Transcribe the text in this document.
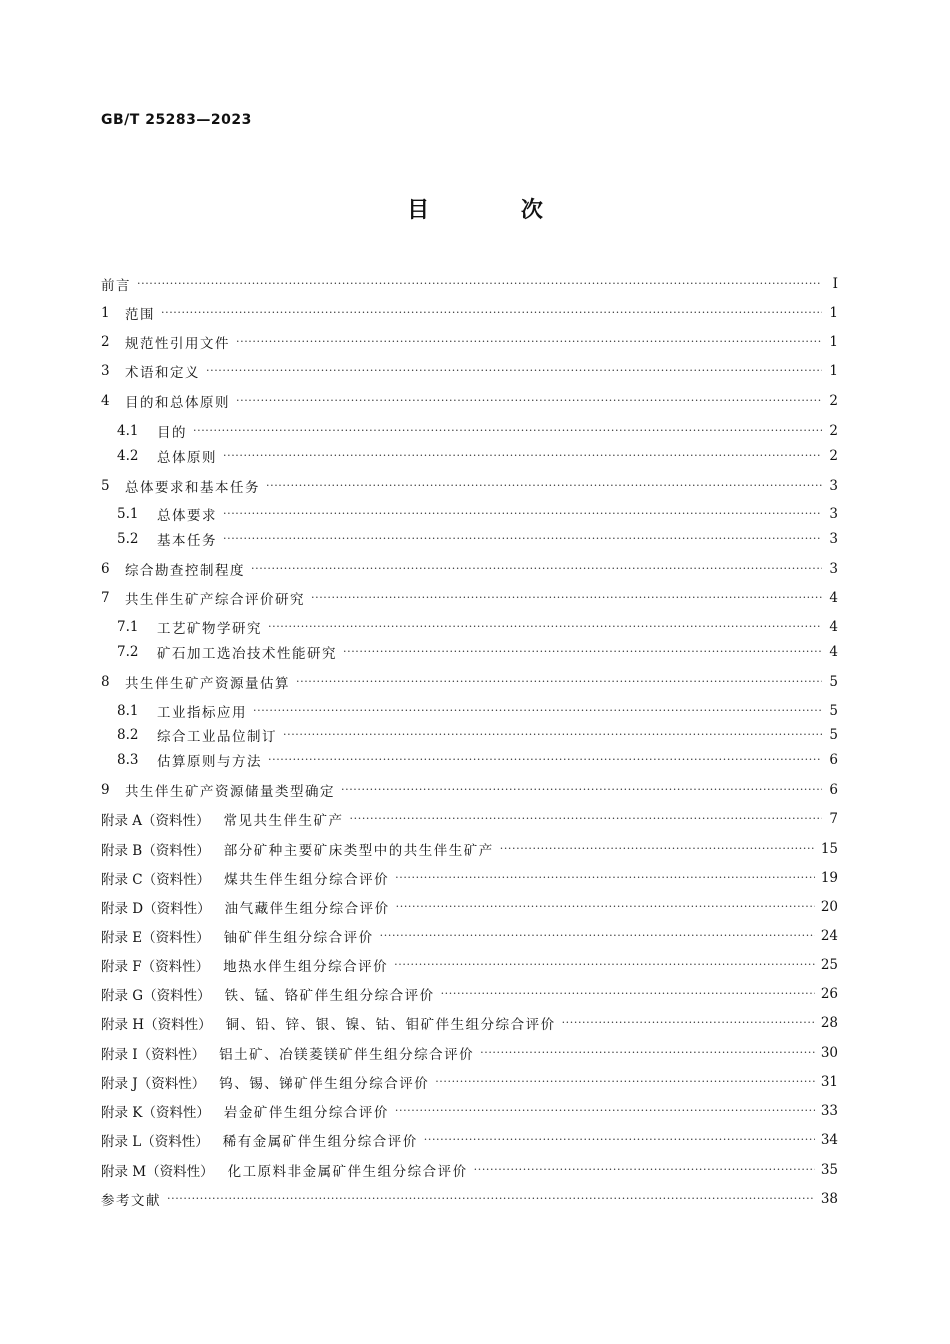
GB/T 25283—2023
目 次
前言 ·····	Ⅰ
1	范围 ·····	1
2	规范性引用文件 ·····	1
3	术语和定义 ·····	1
4	目的和总体原则 ·····	2
4.1	目的 ·····	2
4.2	总体原则 ·····	2
5	总体要求和基本任务 ·····	3
5.1	总体要求 ·····	3
5.2	基本任务 ·····	3
6	综合勘查控制程度 ·····	3
7	共生伴生矿产综合评价研究 ·····	4
7.1	工艺矿物学研究 ·····	4
7.2	矿石加工选冶技术性能研究 ·····	4
8	共生伴生矿产资源量估算 ·····	5
8.1	工业指标应用 ·····	5
8.2	综合工业品位制订 ·····	5
8.3	估算原则与方法 ·····	6
9	共生伴生矿产资源储量类型确定 ·····	6
附录 A（资料性） 常见共生伴生矿产 ·····	7
附录 B（资料性） 部分矿种主要矿床类型中的共生伴生矿产 ·····	15
附录 C（资料性） 煤共生伴生组分综合评价 ·····	19
附录 D（资料性） 油气藏伴生组分综合评价 ·····	20
附录 E（资料性） 铀矿伴生组分综合评价 ·····	24
附录 F（资料性） 地热水伴生组分综合评价 ·····	25
附录 G（资料性） 铁、锰、铬矿伴生组分综合评价 ·····	26
附录 H（资料性） 铜、铅、锌、银、镍、钴、钼矿伴生组分综合评价 ·····	28
附录 I（资料性） 铝土矿、冶镁菱镁矿伴生组分综合评价 ·····	30
附录 J（资料性） 钨、锡、锑矿伴生组分综合评价 ·····	31
附录 K（资料性） 岩金矿伴生组分综合评价 ·····	33
附录 L（资料性） 稀有金属矿伴生组分综合评价 ·····	34
附录 M（资料性） 化工原料非金属矿伴生组分综合评价 ·····	35
参考文献 ·····	38
